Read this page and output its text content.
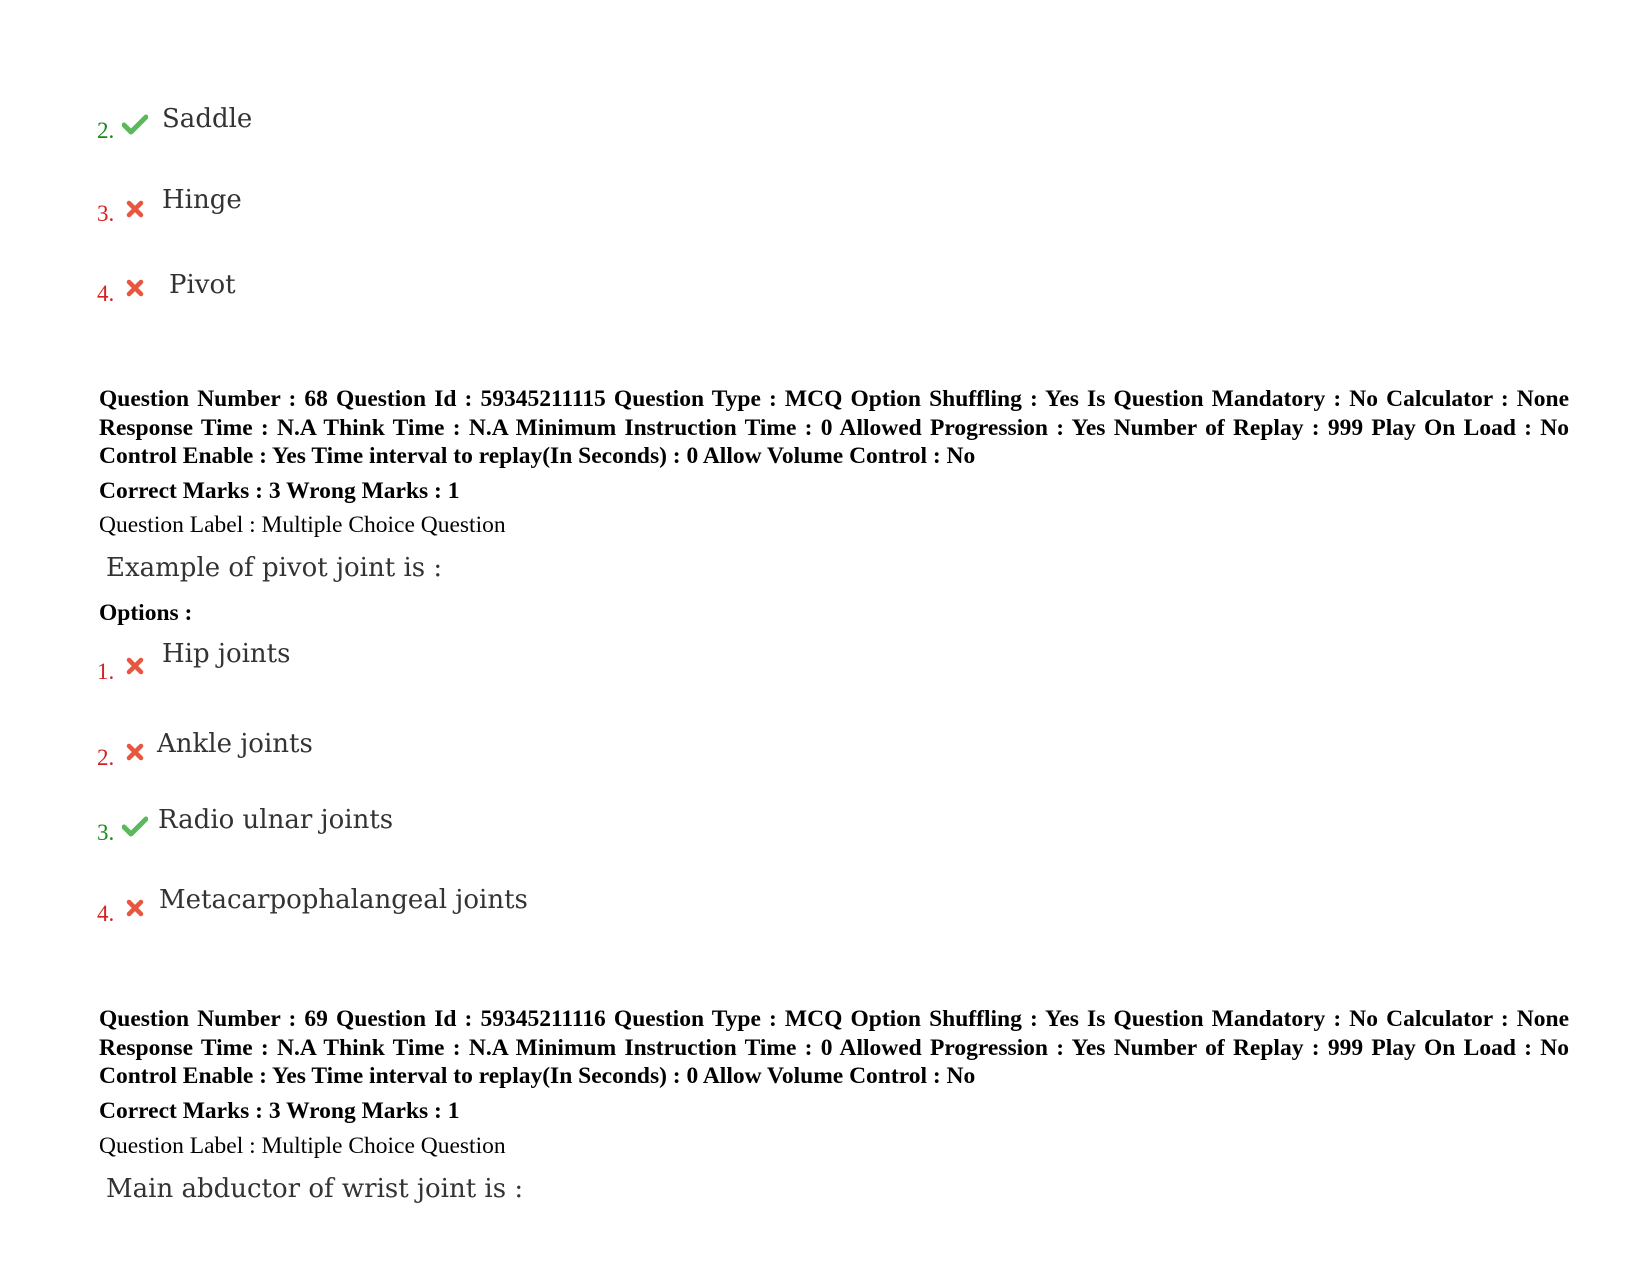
2. Saddle
3. Hinge
4. Pivot
Question Number : 68 Question Id : 59345211115 Question Type : MCQ Option Shuffling : Yes Is Question Mandatory : No Calculator : None Response Time : N.A Think Time : N.A Minimum Instruction Time : 0 Allowed Progression : Yes Number of Replay : 999 Play On Load : No Control Enable : Yes Time interval to replay(In Seconds) : 0 Allow Volume Control : No
Correct Marks : 3 Wrong Marks : 1
Question Label : Multiple Choice Question
Example of pivot joint is :
Options :
1.
Hip joints
2. Ankle joints
3. Radio ulnar joints
4. Metacarpophalangeal joints
Question Number : 69 Question Id : 59345211116 Question Type : MCQ Option Shuffling : Yes Is Question Mandatory : No Calculator : None Response Time : N.A Think Time : N.A Minimum Instruction Time : 0 Allowed Progression : Yes Number of Replay : 999 Play On Load : No Control Enable : Yes Time interval to replay(In Seconds) : 0 Allow Volume Control : No
Correct Marks : 3 Wrong Marks : 1
Question Label : Multiple Choice Question
Main abductor of wrist joint is :
